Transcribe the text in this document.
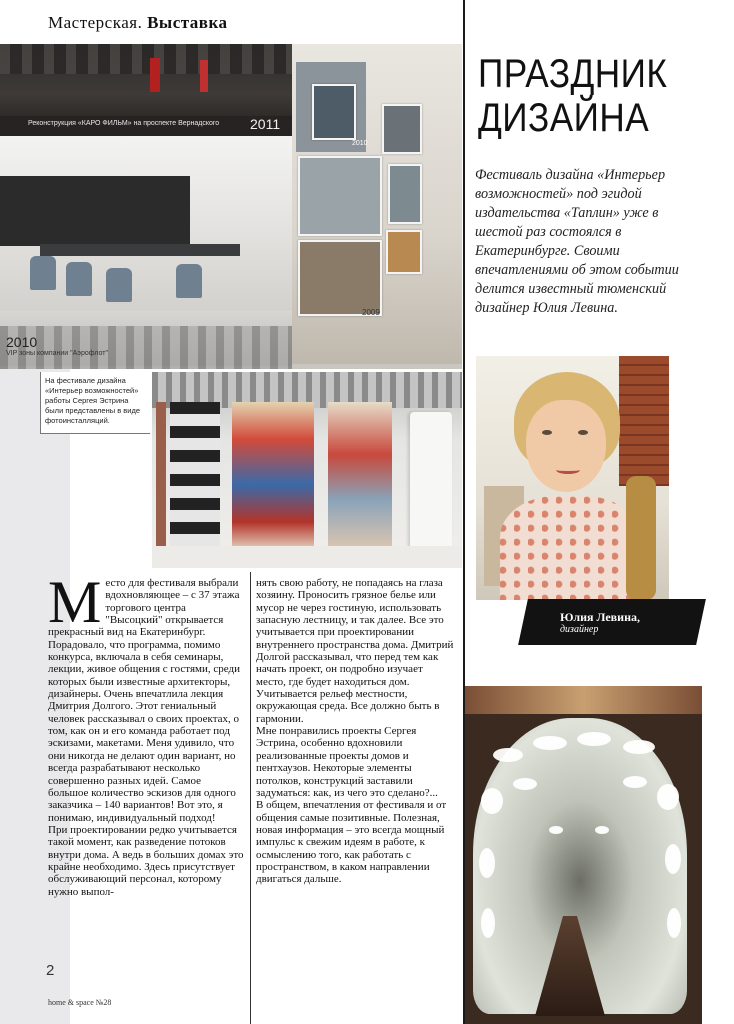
Мастерская. Выставка
Реконструкция «КАРО ФИЛЬМ» на проспекте Вернадского 2011
2010
VIP зоны компании "Аэрофлот"
2009
2010
На фестивале дизайна «Интерьер возможностей» работы Сергея Эстрина были представлены в виде фотоинсталляций.

Место для фестиваля выбрали вдохновляющее – с 37 этажа торгового центра "Высоцкий" открывается прекрасный вид на Екатеринбург. Порадовало, что программа, помимо конкурса, включала в себя семинары, лекции, живое общения с гостями, среди которых были известные архитекторы, дизайнеры. Очень впечатлила лекция Дмитрия Долгого. Этот гениальный человек рассказывал о своих проектах, о том, как он и его команда работает под эскизами, макетами. Меня удивило, что они никогда не делают один вариант, но всегда разрабатывают несколько совершенно разных идей. Самое большое количество эскизов для одного заказчика – 140 вариантов! Вот это, я понимаю, индивидуальный подход!

При проектировании редко учитывается такой момент, как разведение потоков внутри дома. А ведь в больших домах это крайне необходимо. Здесь присутствует обслуживающий персонал, которому нужно выпол-

нять свою работу, не попадаясь на глаза хозяину. Проносить грязное белье или мусор не через гостиную, использовать запасную лестницу, и так далее. Все это учитывается при проектировании внутреннего пространства дома. Дмитрий Долгой рассказывал, что перед тем как начать проект, он подробно изучает место, где будет находиться дом. Учитывается рельеф местности, окружающая среда. Все должно быть в гармонии.

Мне понравились проекты Сергея Эстрина, особенно вдохновили реализованные проекты домов и пентхаузов. Некоторые элементы потолков, конструкций заставили задуматься: как, из чего это сделано?...

В общем, впечатления от фестиваля и от общения самые позитивные. Полезная, новая информация – это всегда мощный импульс к свежим идеям в работе, к осмыслению того, как работать с пространством, в каком направлении двигаться дальше.

2
home & space №28
ПРАЗДНИК
ДИЗАЙНА
Фестиваль дизайна «Интерьер возможностей» под эгидой издательства «Таплин» уже в шестой раз состоялся в Екатеринбурге. Своими впечатлениями об этом событии делится известный тюменский дизайнер Юлия Левина.
Юлия Левина,
дизайнер
